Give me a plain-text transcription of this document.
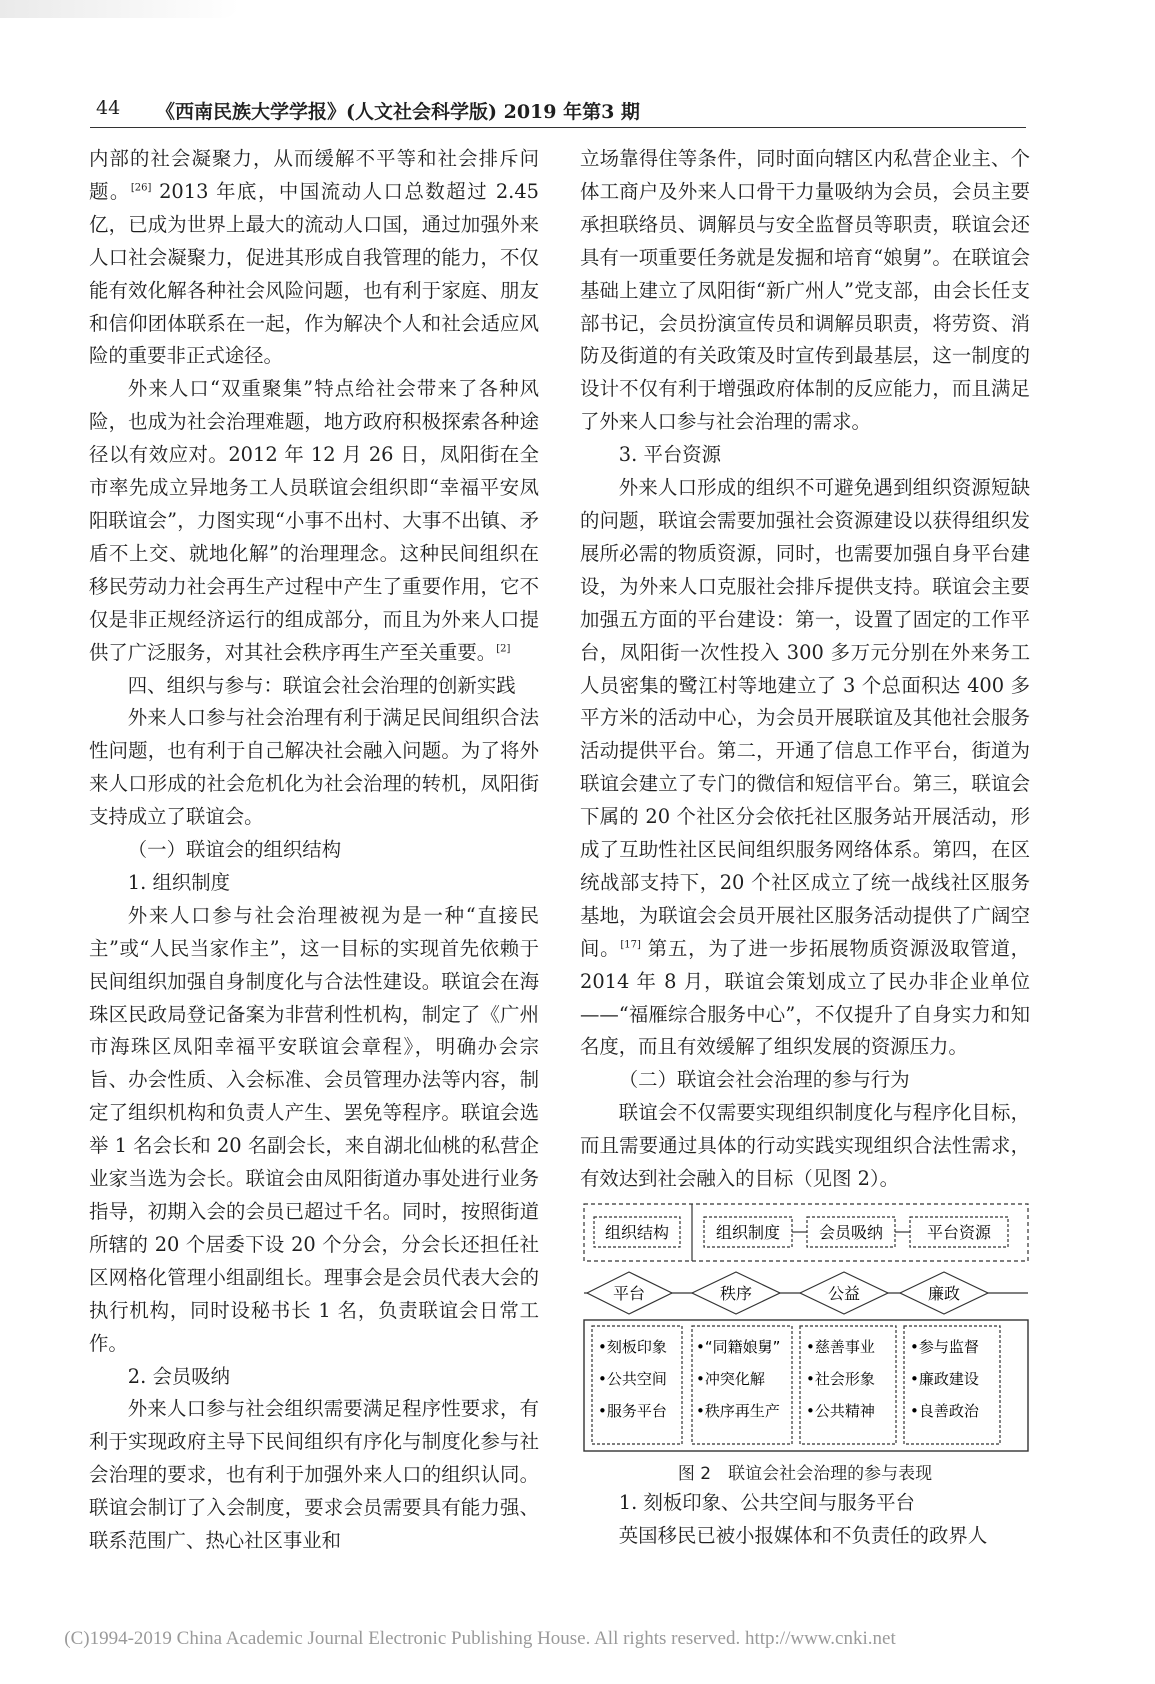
44 《西南民族大学学报》(人文社会科学版) 2019 年第3 期

内部的社会凝聚力，从而缓解不平等和社会排斥问题。[26] 2013 年底，中国流动人口总数超过 2.45 亿，已成为世界上最大的流动人口国，通过加强外来人口社会凝聚力，促进其形成自我管理的能力，不仅能有效化解各种社会风险问题，也有利于家庭、朋友和信仰团体联系在一起，作为解决个人和社会适应风险的重要非正式途径。

外来人口“双重聚集”特点给社会带来了各种风险，也成为社会治理难题，地方政府积极探索各种途径以有效应对。2012 年 12 月 26 日，凤阳街在全市率先成立异地务工人员联谊会组织即“幸福平安凤阳联谊会”，力图实现“小事不出村、大事不出镇、矛盾不上交、就地化解”的治理理念。这种民间组织在移民劳动力社会再生产过程中产生了重要作用，它不仅是非正规经济运行的组成部分，而且为外来人口提供了广泛服务，对其社会秩序再生产至关重要。[2]

四、组织与参与：联谊会社会治理的创新实践

外来人口参与社会治理有利于满足民间组织合法性问题，也有利于自己解决社会融入问题。为了将外来人口形成的社会危机化为社会治理的转机，凤阳街支持成立了联谊会。

（一）联谊会的组织结构

1. 组织制度

外来人口参与社会治理被视为是一种“直接民主”或“人民当家作主”，这一目标的实现首先依赖于民间组织加强自身制度化与合法性建设。联谊会在海珠区民政局登记备案为非营利性机构，制定了《广州市海珠区凤阳幸福平安联谊会章程》，明确办会宗旨、办会性质、入会标准、会员管理办法等内容，制定了组织机构和负责人产生、罢免等程序。联谊会选举 1 名会长和 20 名副会长，来自湖北仙桃的私营企业家当选为会长。联谊会由凤阳街道办事处进行业务指导，初期入会的会员已超过千名。同时，按照街道所辖的 20 个居委下设 20 个分会，分会长还担任社区网格化管理小组副组长。理事会是会员代表大会的执行机构，同时设秘书长 1 名，负责联谊会日常工作。

2. 会员吸纳

外来人口参与社会组织需要满足程序性要求，有利于实现政府主导下民间组织有序化与制度化参与社会治理的要求，也有利于加强外来人口的组织认同。联谊会制订了入会制度，要求会员需要具有能力强、联系范围广、热心社区事业和

立场靠得住等条件，同时面向辖区内私营企业主、个体工商户及外来人口骨干力量吸纳为会员，会员主要承担联络员、调解员与安全监督员等职责，联谊会还具有一项重要任务就是发掘和培育“娘舅”。在联谊会基础上建立了凤阳街“新广州人”党支部，由会长任支部书记，会员扮演宣传员和调解员职责，将劳资、消防及街道的有关政策及时宣传到最基层，这一制度的设计不仅有利于增强政府体制的反应能力，而且满足了外来人口参与社会治理的需求。

3. 平台资源

外来人口形成的组织不可避免遇到组织资源短缺的问题，联谊会需要加强社会资源建设以获得组织发展所必需的物质资源，同时，也需要加强自身平台建设，为外来人口克服社会排斥提供支持。联谊会主要加强五方面的平台建设：第一，设置了固定的工作平台，凤阳街一次性投入 300 多万元分别在外来务工人员密集的鹭江村等地建立了 3 个总面积达 400 多平方米的活动中心，为会员开展联谊及其他社会服务活动提供平台。第二，开通了信息工作平台，街道为联谊会建立了专门的微信和短信平台。第三，联谊会下属的 20 个社区分会依托社区服务站开展活动，形成了互助性社区民间组织服务网络体系。第四，在区统战部支持下，20 个社区成立了统一战线社区服务基地，为联谊会会员开展社区服务活动提供了广阔空间。[17] 第五，为了进一步拓展物质资源汲取管道，2014 年 8 月，联谊会策划成立了民办非企业单位——“福雁综合服务中心”，不仅提升了自身实力和知名度，而且有效缓解了组织发展的资源压力。

（二）联谊会社会治理的参与行为

联谊会不仅需要实现组织制度化与程序化目标，而且需要通过具体的行动实践实现组织合法性需求，有效达到社会融入的目标（见图 2）。

组织结构	组织制度 会员吸纳	平台资源
平台	秩序	公益	廉政
•刻板印象
•公共空间
•服务平台
•“同籍娘舅”
•冲突化解
•秩序再生产
•慈善事业
•社会形象
•公共精神
•参与监督
•廉政建设
•良善政治

图 2　联谊会社会治理的参与表现

1. 刻板印象、公共空间与服务平台

英国移民已被小报媒体和不负责任的政界人

(C)1994-2019 China Academic Journal Electronic Publishing House. All rights reserved. http://www.cnki.net
